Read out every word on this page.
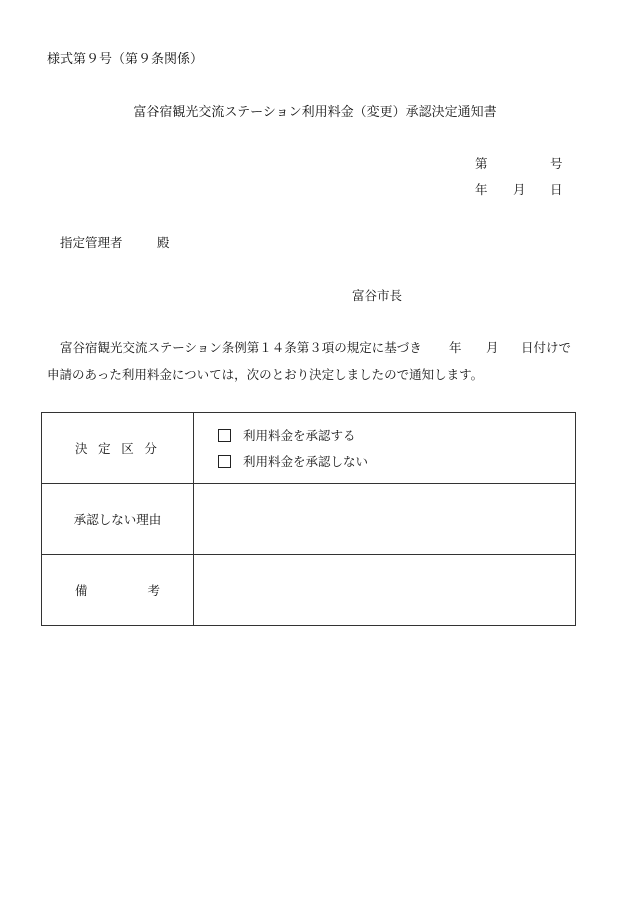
様式第９号（第９条関係）
富谷宿観光交流ステーション利用料金（変更）承認決定通知書
第	号
年 月 日
指定管理者	殿
富谷市長
富谷宿観光交流ステーション条例第１４条第３項の規定に基づき 年 月 日付けで
申請のあった利用料金については，次のとおり決定しましたので通知します。
決定区分	利用料金を承認する
利用料金を承認しない

承認しない理由	

備 考	
